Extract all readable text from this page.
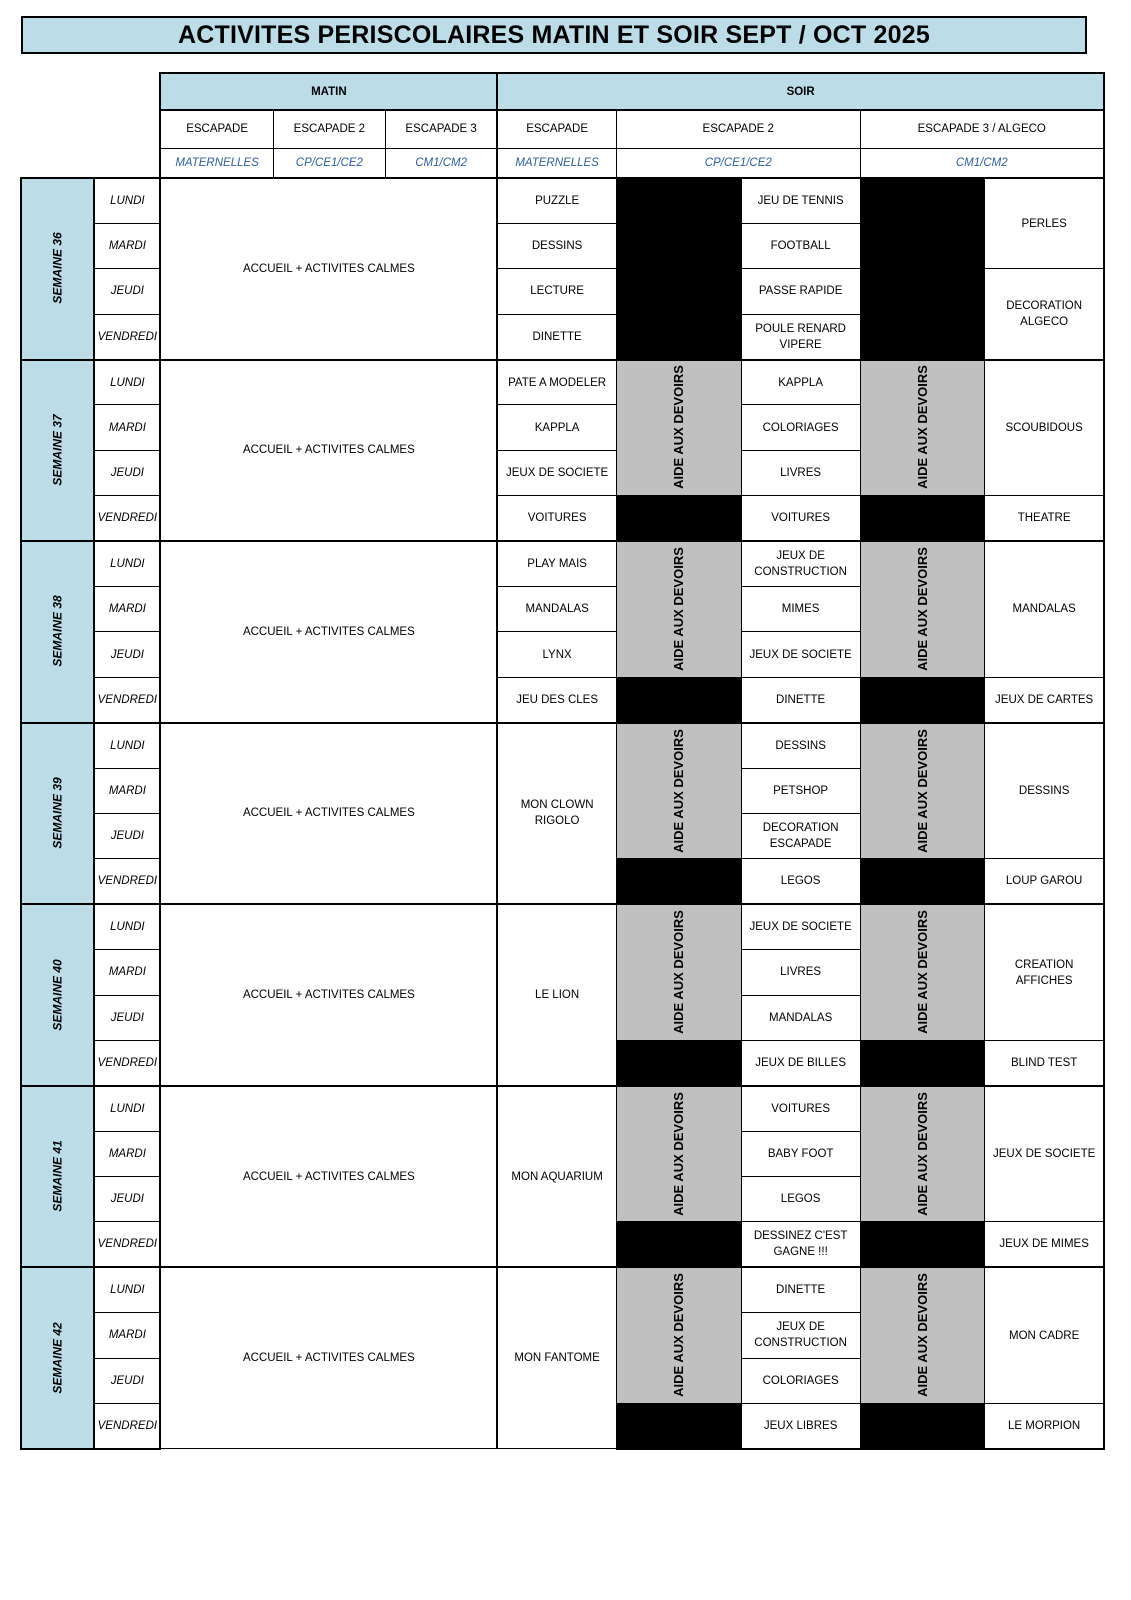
ACTIVITES PERISCOLAIRES MATIN ET SOIR SEPT / OCT 2025
		MATIN			SOIR				
		ESCAPADE	ESCAPADE 2	ESCAPADE 3	ESCAPADE	ESCAPADE 2		ESCAPADE 3 / ALGECO	
		MATERNELLES	CP/CE1/CE2	CM1/CM2	MATERNELLES	CP/CE1/CE2		CM1/CM2	
SEMAINE 36	LUNDI	ACCUEIL + ACTIVITES CALMES			PUZZLE		JEU DE TENNIS		PERLES
	MARDI				DESSINS		FOOTBALL		
	JEUDI				LECTURE		PASSE RAPIDE		DECORATION ALGECO
	VENDREDI				DINETTE		POULE RENARD VIPERE		
SEMAINE 37	LUNDI	ACCUEIL + ACTIVITES CALMES			PATE A MODELER	AIDE AUX DEVOIRS	KAPPLA	AIDE AUX DEVOIRS	SCOUBIDOUS
	MARDI				KAPPLA		COLORIAGES		
	JEUDI				JEUX DE SOCIETE		LIVRES		
	VENDREDI				VOITURES		VOITURES		THEATRE
SEMAINE 38	LUNDI	ACCUEIL + ACTIVITES CALMES			PLAY MAIS	AIDE AUX DEVOIRS	JEUX DE CONSTRUCTION	AIDE AUX DEVOIRS	MANDALAS
	MARDI				MANDALAS		MIMES		
	JEUDI				LYNX		JEUX DE SOCIETE		
	VENDREDI				JEU DES CLES		DINETTE		JEUX DE CARTES
SEMAINE 39	LUNDI	ACCUEIL + ACTIVITES CALMES			MON CLOWN RIGOLO	AIDE AUX DEVOIRS	DESSINS	AIDE AUX DEVOIRS	DESSINS
	MARDI						PETSHOP		
	JEUDI						DECORATION ESCAPADE		
	VENDREDI						LEGOS		LOUP GAROU
SEMAINE 40	LUNDI	ACCUEIL + ACTIVITES CALMES			LE LION	AIDE AUX DEVOIRS	JEUX DE SOCIETE	AIDE AUX DEVOIRS	CREATION AFFICHES
	MARDI						LIVRES		
	JEUDI						MANDALAS		
	VENDREDI						JEUX DE BILLES		BLIND TEST
SEMAINE 41	LUNDI	ACCUEIL + ACTIVITES CALMES			MON AQUARIUM	AIDE AUX DEVOIRS	VOITURES	AIDE AUX DEVOIRS	JEUX DE SOCIETE
	MARDI						BABY FOOT		
	JEUDI						LEGOS		
	VENDREDI						DESSINEZ C'EST GAGNE !!!		JEUX DE MIMES
SEMAINE 42	LUNDI	ACCUEIL + ACTIVITES CALMES			MON FANTOME	AIDE AUX DEVOIRS	DINETTE	AIDE AUX DEVOIRS	MON CADRE
	MARDI						JEUX DE CONSTRUCTION		
	JEUDI						COLORIAGES		
	VENDREDI						JEUX LIBRES		LE MORPION
